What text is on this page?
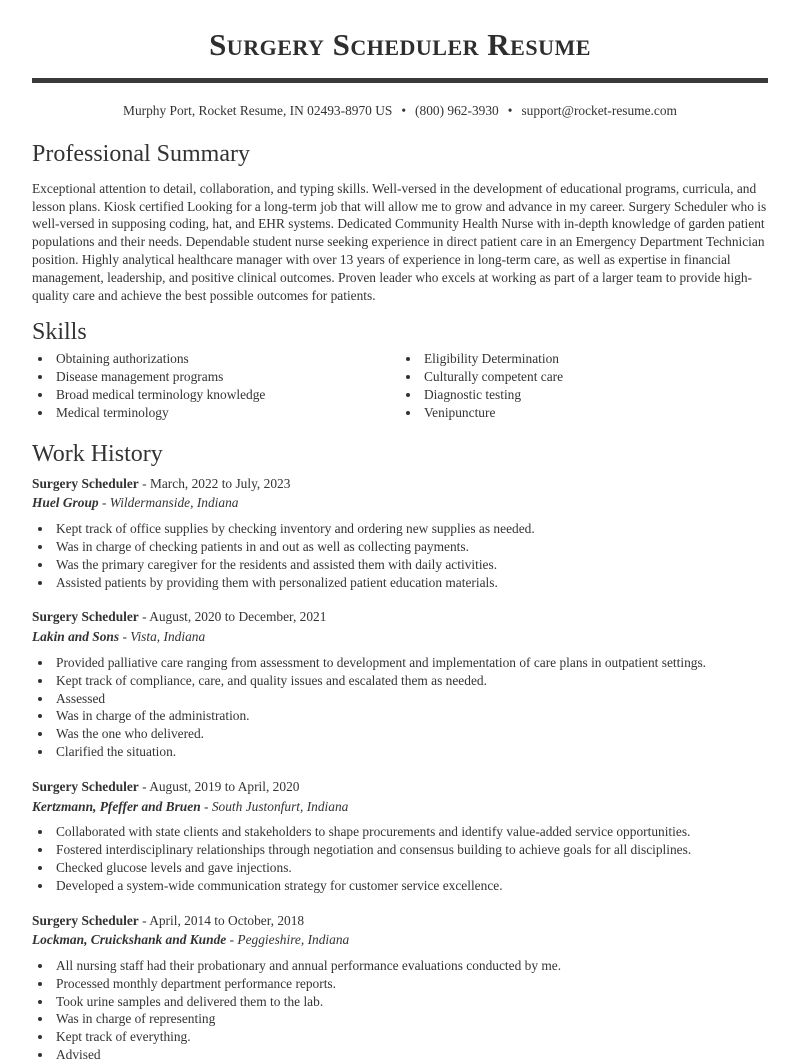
Surgery Scheduler Resume
Murphy Port, Rocket Resume, IN 02493-8970 US • (800) 962-3930 • support@rocket-resume.com
Professional Summary

Exceptional attention to detail, collaboration, and typing skills. Well-versed in the development of educational programs, curricula, and lesson plans. Kiosk certified Looking for a long-term job that will allow me to grow and advance in my career. Surgery Scheduler who is well-versed in supposing coding, hat, and EHR systems. Dedicated Community Health Nurse with in-depth knowledge of garden patient populations and their needs. Dependable student nurse seeking experience in direct patient care in an Emergency Department Technician position. Highly analytical healthcare manager with over 13 years of experience in long-term care, as well as expertise in financial management, leadership, and positive clinical outcomes. Proven leader who excels at working as part of a larger team to provide high-quality care and achieve the best possible outcomes for patients.

Skills
• Obtaining authorizations
• Disease management programs
• Broad medical terminology knowledge
• Medical terminology
• Eligibility Determination
• Culturally competent care
• Diagnostic testing
• Venipuncture
Work History
Surgery Scheduler - March, 2022 to July, 2023
Huel Group - Wildermanside, Indiana
• Kept track of office supplies by checking inventory and ordering new supplies as needed.
• Was in charge of checking patients in and out as well as collecting payments.
• Was the primary caregiver for the residents and assisted them with daily activities.
• Assisted patients by providing them with personalized patient education materials.
Surgery Scheduler - August, 2020 to December, 2021
Lakin and Sons - Vista, Indiana
• Provided palliative care ranging from assessment to development and implementation of care plans in outpatient settings.
• Kept track of compliance, care, and quality issues and escalated them as needed.
• Assessed
• Was in charge of the administration.
• Was the one who delivered.
• Clarified the situation.
Surgery Scheduler - August, 2019 to April, 2020
Kertzmann, Pfeffer and Bruen - South Justonfurt, Indiana
• Collaborated with state clients and stakeholders to shape procurements and identify value-added service opportunities.
• Fostered interdisciplinary relationships through negotiation and consensus building to achieve goals for all disciplines.
• Checked glucose levels and gave injections.
• Developed a system-wide communication strategy for customer service excellence.
Surgery Scheduler - April, 2014 to October, 2018
Lockman, Cruickshank and Kunde - Peggieshire, Indiana
• All nursing staff had their probationary and annual performance evaluations conducted by me.
• Processed monthly department performance reports.
• Took urine samples and delivered them to the lab.
• Was in charge of representing
• Kept track of everything.
• Advised
